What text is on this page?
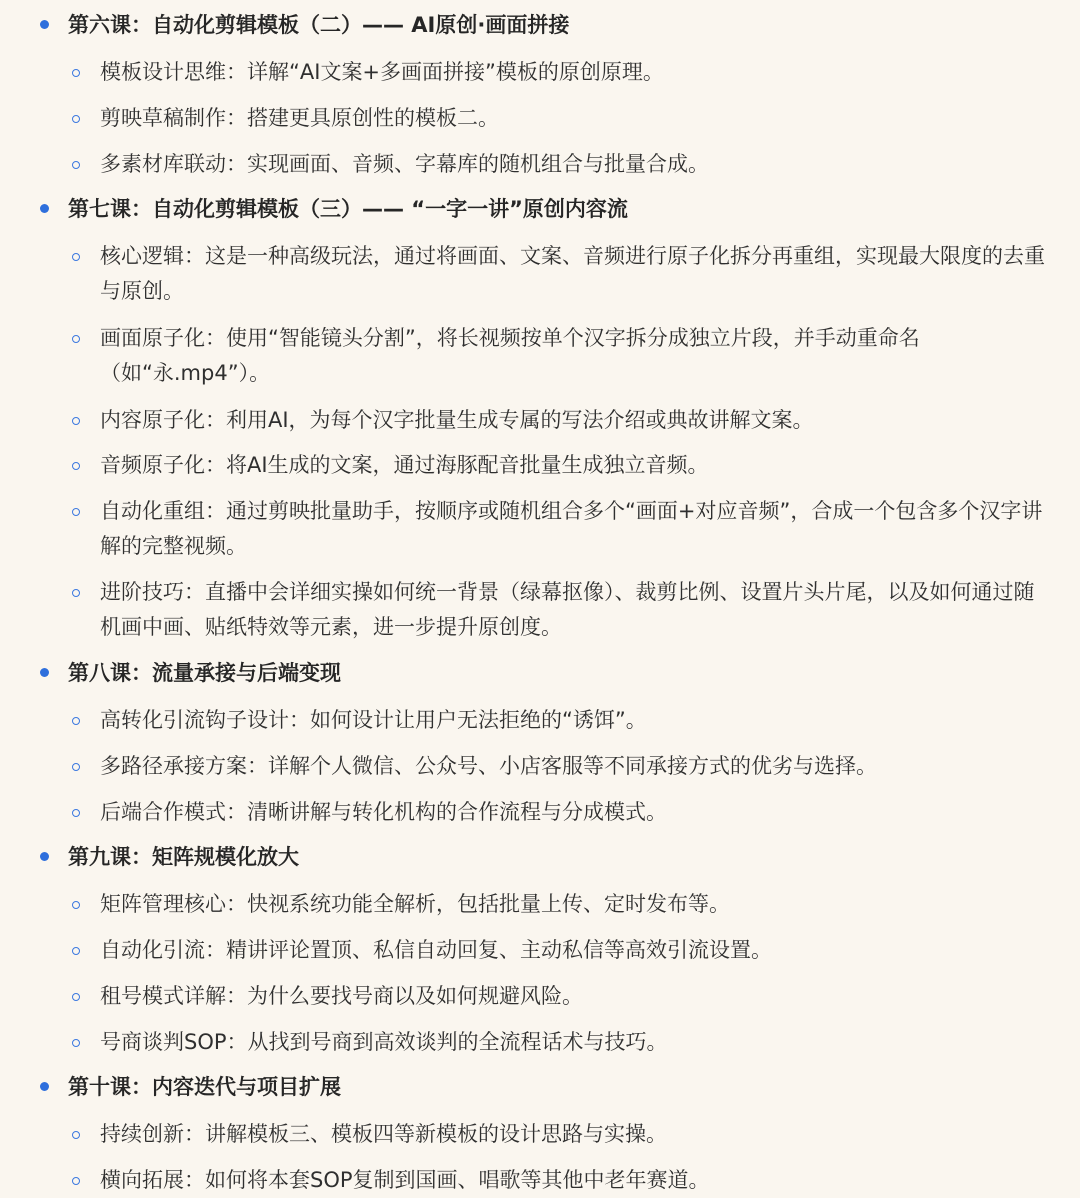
第六课：自动化剪辑模板（二）—— AI原创·画面拼接
模板设计思维：详解“AI文案+多画面拼接”模板的原创原理。
剪映草稿制作：搭建更具原创性的模板二。
多素材库联动：实现画面、音频、字幕库的随机组合与批量合成。
第七课：自动化剪辑模板（三）—— “一字一讲”原创内容流
核心逻辑：这是一种高级玩法，通过将画面、文案、音频进行原子化拆分再重组，实现最大限度的去重与原创。
画面原子化：使用“智能镜头分割”，将长视频按单个汉字拆分成独立片段，并手动重命名（如“永.mp4”）。
内容原子化：利用AI，为每个汉字批量生成专属的写法介绍或典故讲解文案。
音频原子化：将AI生成的文案，通过海豚配音批量生成独立音频。
自动化重组：通过剪映批量助手，按顺序或随机组合多个“画面+对应音频”，合成一个包含多个汉字讲解的完整视频。
进阶技巧：直播中会详细实操如何统一背景（绿幕抠像）、裁剪比例、设置片头片尾，以及如何通过随机画中画、贴纸特效等元素，进一步提升原创度。
第八课：流量承接与后端变现
高转化引流钩子设计：如何设计让用户无法拒绝的“诱饵”。
多路径承接方案：详解个人微信、公众号、小店客服等不同承接方式的优劣与选择。
后端合作模式：清晰讲解与转化机构的合作流程与分成模式。
第九课：矩阵规模化放大
矩阵管理核心：快视系统功能全解析，包括批量上传、定时发布等。
自动化引流：精讲评论置顶、私信自动回复、主动私信等高效引流设置。
租号模式详解：为什么要找号商以及如何规避风险。
号商谈判SOP：从找到号商到高效谈判的全流程话术与技巧。
第十课：内容迭代与项目扩展
持续创新：讲解模板三、模板四等新模板的设计思路与实操。
横向拓展：如何将本套SOP复制到国画、唱歌等其他中老年赛道。
